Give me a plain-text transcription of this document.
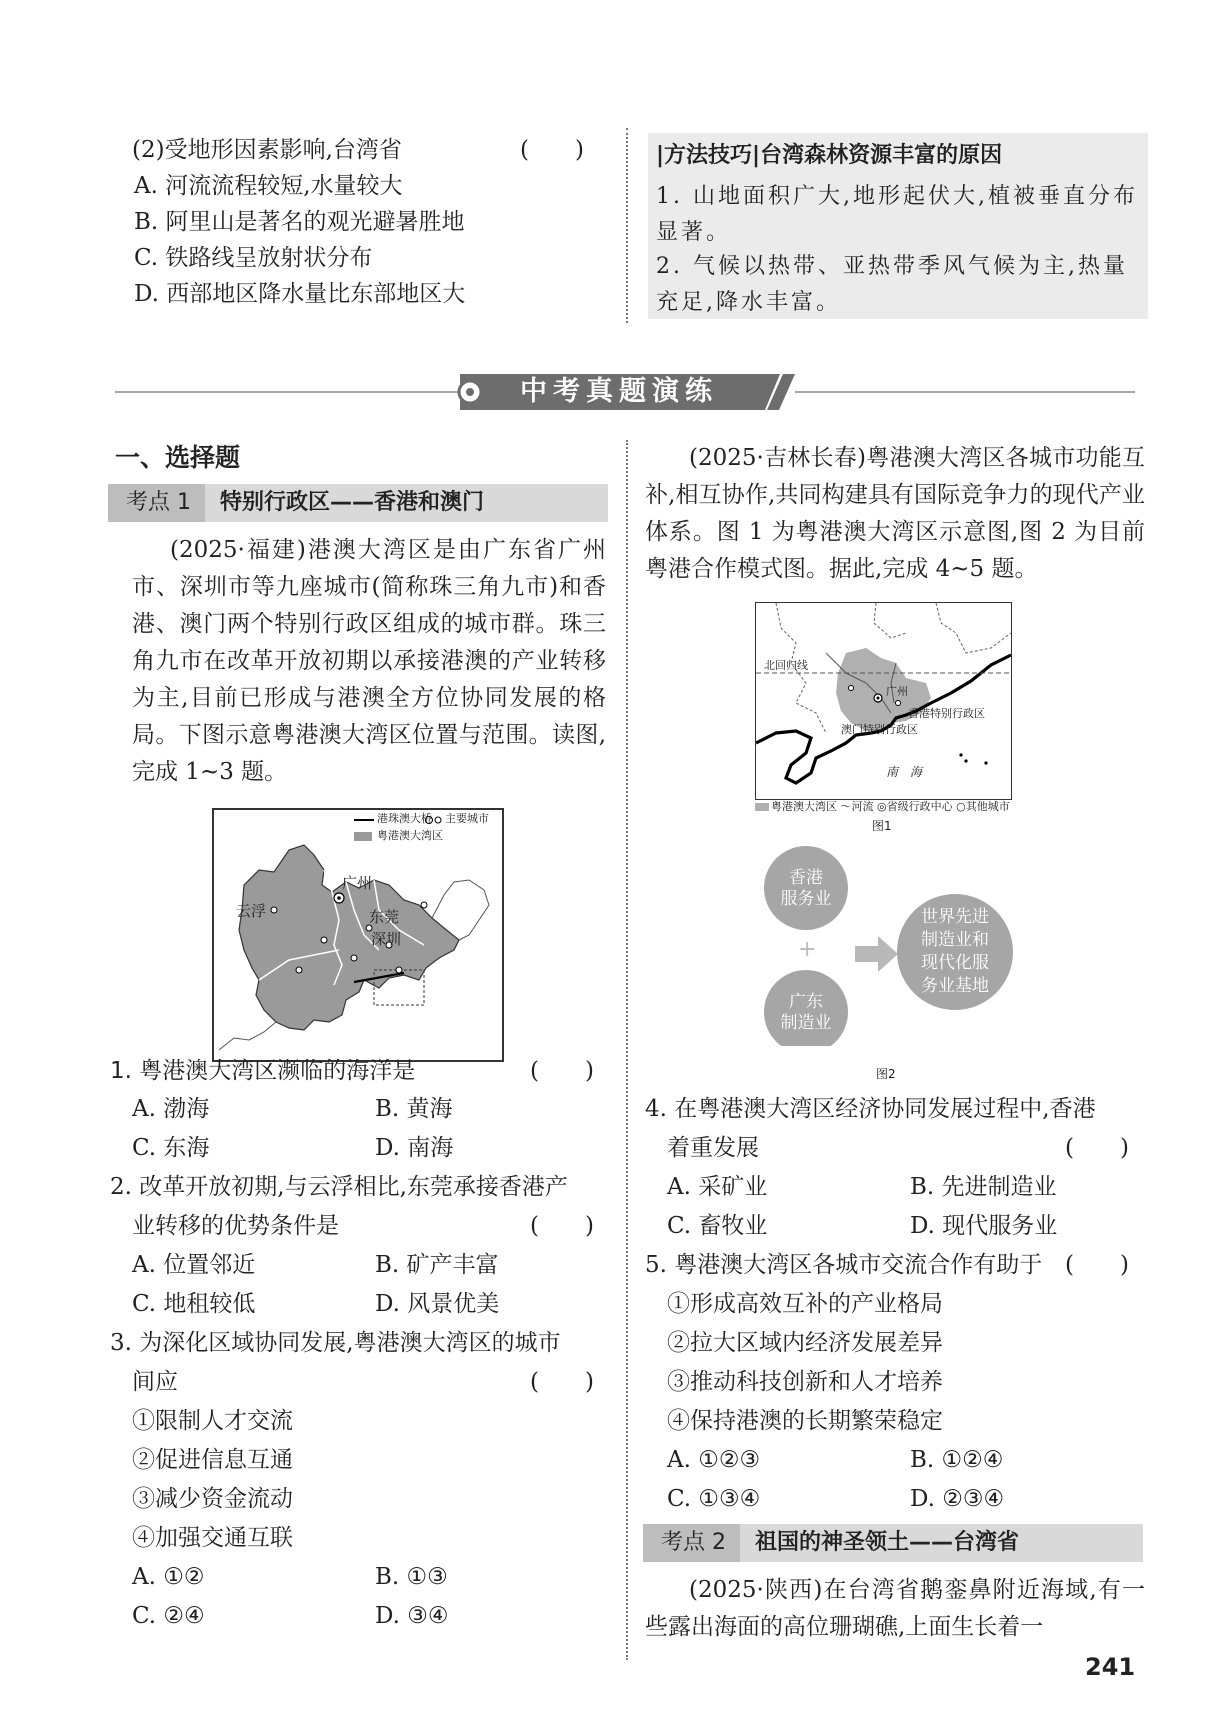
(2)受地形因素影响,台湾省	(　　)
A. 河流流程较短,水量较大
B. 阿里山是著名的观光避暑胜地
C. 铁路线呈放射状分布
D. 西部地区降水量比东部地区大
|方法技巧|台湾森林资源丰富的原因
1. 山地面积广大,地形起伏大,植被垂直分布显著。
2. 气候以热带、亚热带季风气候为主,热量充足,降水丰富。
中考真题演练
一、选择题
考点 1 特别行政区——香港和澳门
(2025·福建)港澳大湾区是由广东省广州市、深圳市等九座城市(简称珠三角九市)和香港、澳门两个特别行政区组成的城市群。珠三角九市在改革开放初期以承接港澳的产业转移为主,目前已形成与港澳全方位协同发展的格局。下图示意粤港澳大湾区位置与范围。读图,完成 1~3 题。
港珠澳大桥 主要城市
粤港澳大湾区
广州
云浮	东莞
深圳
1. 粤港澳大湾区濒临的海洋是	(　　)
A. 渤海	B. 黄海
C. 东海	D. 南海
2. 改革开放初期,与云浮相比,东莞承接香港产
业转移的优势条件是	(　　)
A. 位置邻近	B. 矿产丰富
C. 地租较低	D. 风景优美
3. 为深化区域协同发展,粤港澳大湾区的城市
间应	(　　)
①限制人才交流
②促进信息互通
③减少资金流动
④加强交通互联
A. ①②	B. ①③
C. ②④	D. ③④
(2025·吉林长春)粤港澳大湾区各城市功能互补,相互协作,共同构建具有国际竞争力的现代产业体系。图 1 为粤港澳大湾区示意图,图 2 为目前粤港合作模式图。据此,完成 4~5 题。
北回归线
广州
香港特别行政区
澳门特别行政区
南　海
粤港澳大湾区 〜河流 ◎省级行政中心 ○其他城市
图1
香港
服务业
+
广东
制造业
世界先进
制造业和
现代化服
务业基地
图2
4. 在粤港澳大湾区经济协同发展过程中,香港
着重发展	(　　)
A. 采矿业	B. 先进制造业
C. 畜牧业	D. 现代服务业
5. 粤港澳大湾区各城市交流合作有助于 (　　)
①形成高效互补的产业格局
②拉大区域内经济发展差异
③推动科技创新和人才培养
④保持港澳的长期繁荣稳定
A. ①②③	B. ①②④
C. ①③④	D. ②③④
考点 2 祖国的神圣领土——台湾省
(2025·陕西)在台湾省鹅銮鼻附近海域,有一些露出海面的高位珊瑚礁,上面生长着一
241
